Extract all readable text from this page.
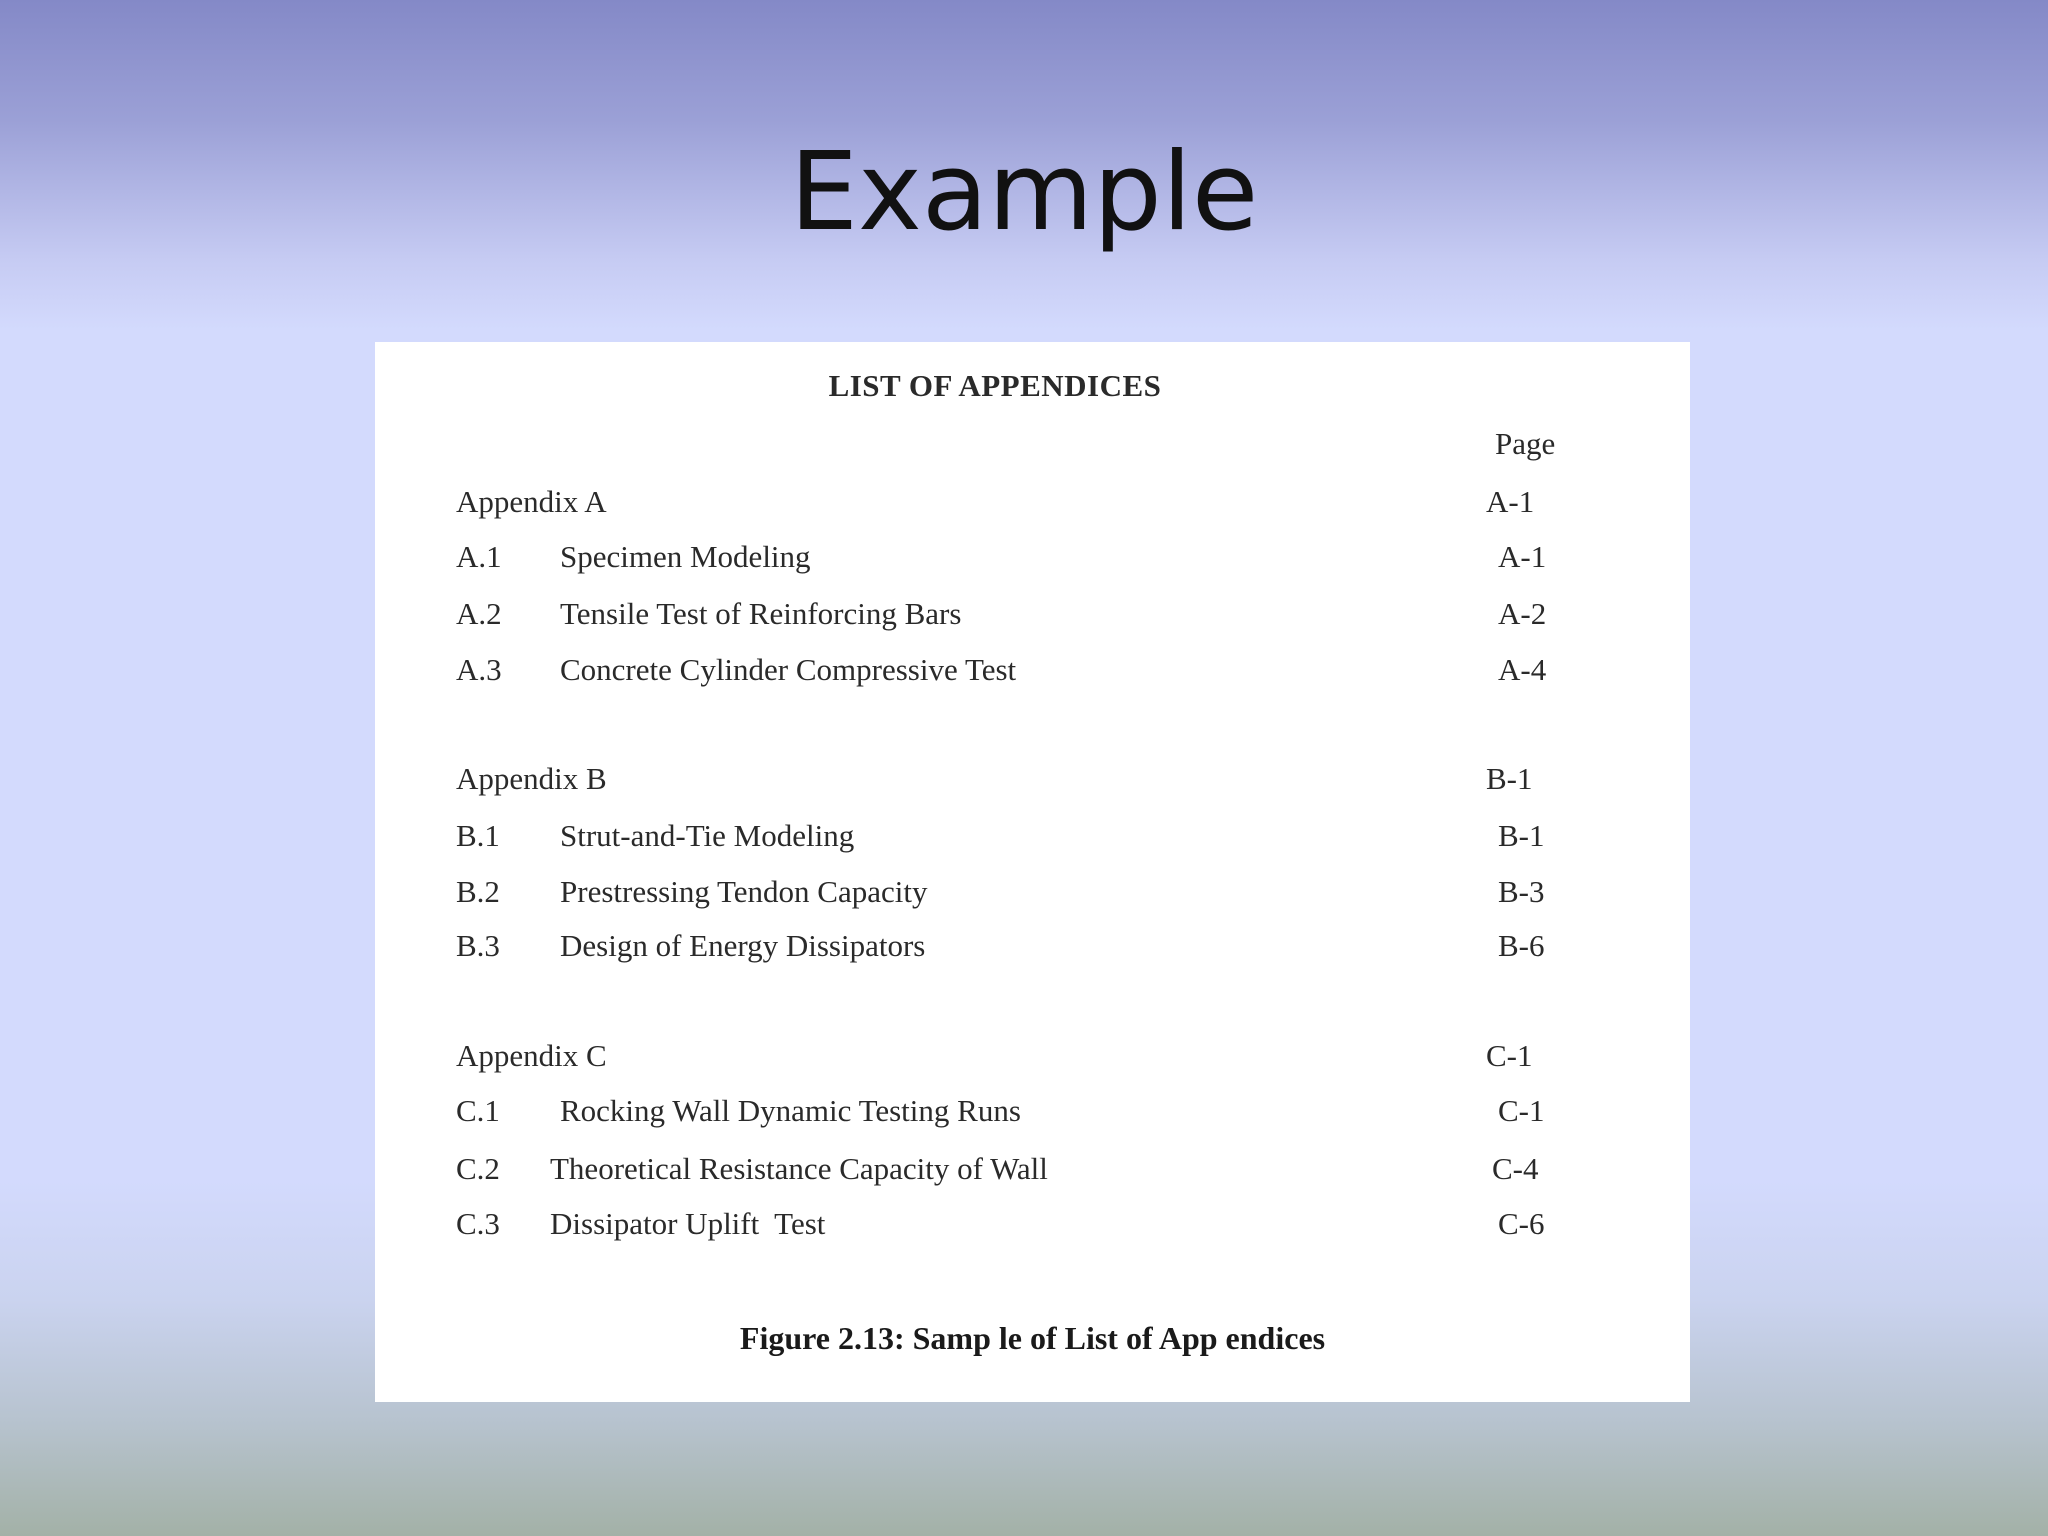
Example
LIST OF APPENDICES
Page
Appendix A	A-1
A.1 Specimen Modeling	A-1
A.2 Tensile Test of Reinforcing Bars	A-2
A.3 Concrete Cylinder Compressive Test	A-4
Appendix B	B-1
B.1 Strut-and-Tie Modeling	B-1
B.2 Prestressing Tendon Capacity	B-3
B.3 Design of Energy Dissipators	B-6
Appendix C	C-1
C.1 Rocking Wall Dynamic Testing Runs	C-1
C.2 Theoretical Resistance Capacity of Wall	C-4
C.3 Dissipator Uplift  Test	C-6
Figure 2.13: Samp le of List of App endices
